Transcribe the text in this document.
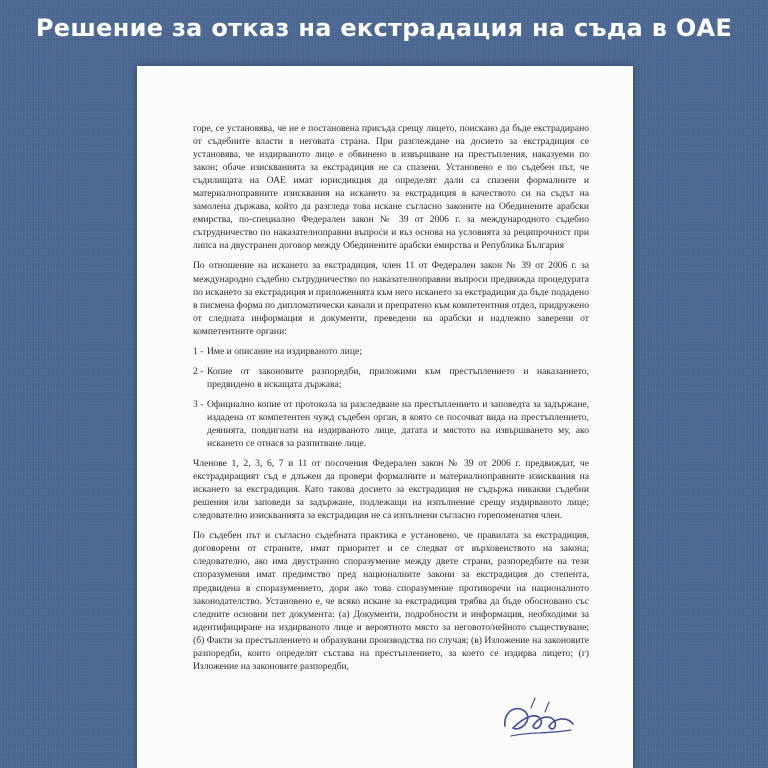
Решение за отказ на екстрадация на съда в ОАЕ

горе, се установява, че не е постановена присъда срещу лицето, поискано да бъде екстрадирано от съдебните власти в неговата страна. При разглеждане на досието за екстрадиция се установява, че издирваното лице е обвинено в извършване на престъпления, наказуеми по закон; обаче изискванията за екстрадиция не са спазени. Установено е по съдебен път, че съдилищата на ОАЕ имат юрисдикция да определят дали са спазени формалните и материалноправните изисквания на искането за екстрадиция в качеството си на съдът на замолена държава, който да разгледа това искане съгласно законите на Обединените арабски емирства, по-специално Федерален закон № 39 от 2006 г. за международното съдебно сътрудничество по наказателноправни въпроси и въз основа на условията за реципрочност при липса на двустранен договор между Обединените арабски емирства и Република България

По отношение на искането за екстрадиция, член 11 от Федерален закон № 39 от 2006 г. за международно съдебно сътрудничество по наказателноправни въпроси предвижда процедурата по искането за екстрадиция и приложенията към него искането за екстрадиция да бъде подадено в писмена форма по дипломатически канали и препратено към компетентния отдел, придружено от следната информация и документи, преведени на арабски и надлежно заверени от компетентните органи:

1 - Име и описание на издирваното лице;
2 - Копие от законовите разпоредби, приложими към престъплението и наказанието, предвидено в искащата държава;
3 - Официално копие от протокола за разследване на престъплението и заповедта за задържане, издадена от компетентен чужд съдебен орган, в която се посочват вида на престъплението, деянията, повдигнати на издирваното лице, датата и мястото на извършването му, ако искането се отнася за разпитване лице.

Членове 1, 2, 3, 6, 7 и 11 от посочения Федерален закон № 39 от 2006 г. предвиждат, че екстрадиращият съд е длъжен да провери формалните и материалноправните изисквания на искането за екстрадиция. Като такова досието за екстрадиция не съдържа никакви съдебни решения или заповеди за задържане, подлежащи на изпълнение срещу издирваното лице; следователно изискванията за екстрадиция не са изпълнени съгласно горепоменатия член.

По съдебен път и съгласно съдебната практика е установено, че правилата за екстрадиция, договорени от страните, имат приоритет и се следват от върховенството на закона; следователно, ако има двустранно споразумение между двете страни, разпоредбите на тези споразумения имат предимство пред националните закони за екстрадиция до степента, предвидена в споразумението, дори ако това споразумение противоречи на националното законодателство. Установено е, че всяко искане за екстрадиция трябва да бъде обосновано със следните основни пет документа: (а) Документи, подробности и информация, необходими за идентифициране на издирваното лице и вероятното място за неговото/нейното съществуване; (б) Факти за престъплението и образувани производства по случая; (в) Изложение на законовите разпоредби, които определят състава на престъплението, за което се издирва лицето; (г) Изложение на законовите разпоредби,
